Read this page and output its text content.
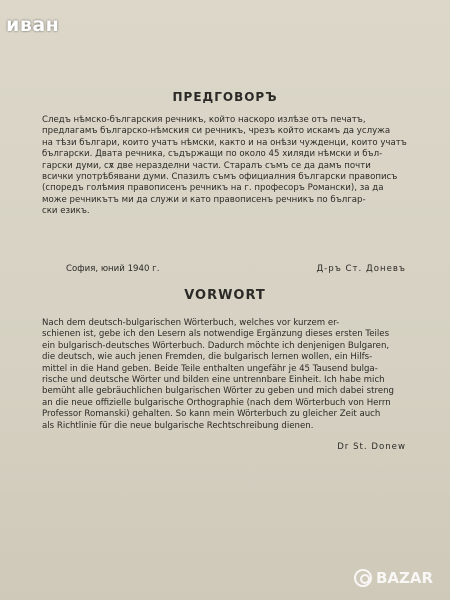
иван
ПРЕДГОВОРЪ
Следъ нѣмско-българския речникъ, който наскоро излѣзе отъ печатъ,
предлагамъ българско-нѣмския си речникъ, чрезъ който искамъ да услужа
на тѣзи българи, които учатъ нѣмски, както и на онѣзи чужденци, които учатъ
български. Двата речника, съдържащи по около 45 хиляди нѣмски и бъл-
гарски думи, сѫ две неразделни части. Старалъ съмъ се да дамъ почти
всички употрѣбявани думи. Спазилъ съмъ официалния български правописъ
(споредъ голѣмия правописенъ речникъ на г. професоръ Романски), за да
може речникътъ ми да служи и като правописенъ речникъ по българ-
ски езикъ.
София, юний 1940 г.	Д-ръ Ст. Доневъ
VORWORT
Nach dem deutsch-bulgarischen Wörterbuch, welches vor kurzem er-
schienen ist, gebe ich den Lesern als notwendige Ergänzung dieses ersten Teiles
ein bulgarisch-deutsches Wörterbuch. Dadurch möchte ich denjenigen Bulgaren,
die deutsch, wie auch jenen Fremden, die bulgarisch lernen wollen, ein Hilfs-
mittel in die Hand geben. Beide Teile enthalten ungefähr je 45 Tausend bulga-
rische und deutsche Wörter und bilden eine untrennbare Einheit. Ich habe mich
bemüht alle gebräuchlichen bulgarischen Wörter zu geben und mich dabei streng
an die neue offizielle bulgarische Orthographie (nach dem Wörterbuch von Herrn
Professor Romanski) gehalten. So kann mein Wörterbuch zu gleicher Zeit auch
als Richtlinie für die neue bulgarische Rechtschreibung dienen.
Dr St. Donew
BAZAR
